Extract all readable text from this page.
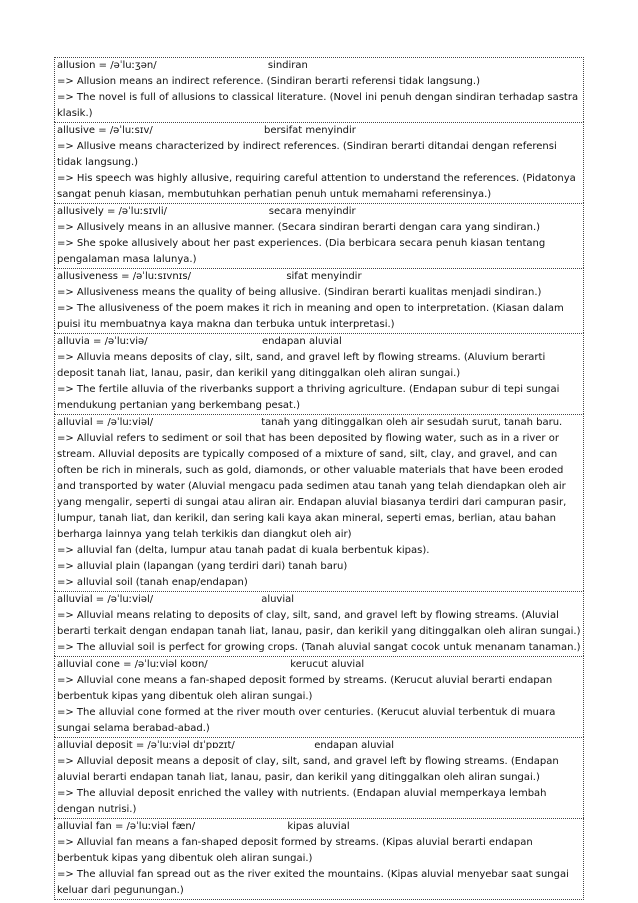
allusion = /əˈluːʒən/                                   sindiran
=> Allusion means an indirect reference. (Sindiran berarti referensi tidak langsung.)
=> The novel is full of allusions to classical literature. (Novel ini penuh dengan sindiran terhadap sastra klasik.)
allusive = /əˈluːsɪv/                                   bersifat menyindir
=> Allusive means characterized by indirect references. (Sindiran berarti ditandai dengan referensi tidak langsung.)
=> His speech was highly allusive, requiring careful attention to understand the references. (Pidatonya sangat penuh kiasan, membutuhkan perhatian penuh untuk memahami referensinya.)
allusively = /əˈluːsɪvli/                                secara menyindir
=> Allusively means in an allusive manner. (Secara sindiran berarti dengan cara yang sindiran.)
=> She spoke allusively about her past experiences. (Dia berbicara secara penuh kiasan tentang pengalaman masa lalunya.)
allusiveness = /əˈluːsɪvnɪs/                              sifat menyindir
=> Allusiveness means the quality of being allusive. (Sindiran berarti kualitas menjadi sindiran.)
=> The allusiveness of the poem makes it rich in meaning and open to interpretation. (Kiasan dalam puisi itu membuatnya kaya makna dan terbuka untuk interpretasi.)
alluvia = /əˈluːviə/                                    endapan aluvial
=> Alluvia means deposits of clay, silt, sand, and gravel left by flowing streams. (Aluvium berarti deposit tanah liat, lanau, pasir, dan kerikil yang ditinggalkan oleh aliran sungai.)
=> The fertile alluvia of the riverbanks support a thriving agriculture. (Endapan subur di tepi sungai mendukung pertanian yang berkembang pesat.)
alluvial = /əˈluːviəl/                                  tanah yang ditinggalkan oleh air sesudah surut, tanah baru.
=> Alluvial refers to sediment or soil that has been deposited by flowing water, such as in a river or stream. Alluvial deposits are typically composed of a mixture of sand, silt, clay, and gravel, and can often be rich in minerals, such as gold, diamonds, or other valuable materials that have been eroded and transported by water (Aluvial mengacu pada sedimen atau tanah yang telah diendapkan oleh air yang mengalir, seperti di sungai atau aliran air. Endapan aluvial biasanya terdiri dari campuran pasir, lumpur, tanah liat, dan kerikil, dan sering kali kaya akan mineral, seperti emas, berlian, atau bahan berharga lainnya yang telah terkikis dan diangkut oleh air)
=> alluvial fan (delta, lumpur atau tanah padat di kuala berbentuk kipas).
=> alluvial plain (lapangan (yang terdiri dari) tanah baru)
=> alluvial soil (tanah enap/endapan)
alluvial = /əˈluːviəl/                                  aluvial
=> Alluvial means relating to deposits of clay, silt, sand, and gravel left by flowing streams. (Aluvial berarti terkait dengan endapan tanah liat, lanau, pasir, dan kerikil yang ditinggalkan oleh aliran sungai.)
=> The alluvial soil is perfect for growing crops. (Tanah aluvial sangat cocok untuk menanam tanaman.)
alluvial cone = /əˈluːviəl koʊn/                          kerucut aluvial
=> Alluvial cone means a fan-shaped deposit formed by streams. (Kerucut aluvial berarti endapan berbentuk kipas yang dibentuk oleh aliran sungai.)
=> The alluvial cone formed at the river mouth over centuries. (Kerucut aluvial terbentuk di muara sungai selama berabad-abad.)
alluvial deposit = /əˈluːviəl dɪˈpɒzɪt/                         endapan aluvial
=> Alluvial deposit means a deposit of clay, silt, sand, and gravel left by flowing streams. (Endapan aluvial berarti endapan tanah liat, lanau, pasir, dan kerikil yang ditinggalkan oleh aliran sungai.)
=> The alluvial deposit enriched the valley with nutrients. (Endapan aluvial memperkaya lembah dengan nutrisi.)
alluvial fan = /əˈluːviəl fæn/                             kipas aluvial
=> Alluvial fan means a fan-shaped deposit formed by streams. (Kipas aluvial berarti endapan berbentuk kipas yang dibentuk oleh aliran sungai.)
=> The alluvial fan spread out as the river exited the mountains. (Kipas aluvial menyebar saat sungai keluar dari pegunungan.)
